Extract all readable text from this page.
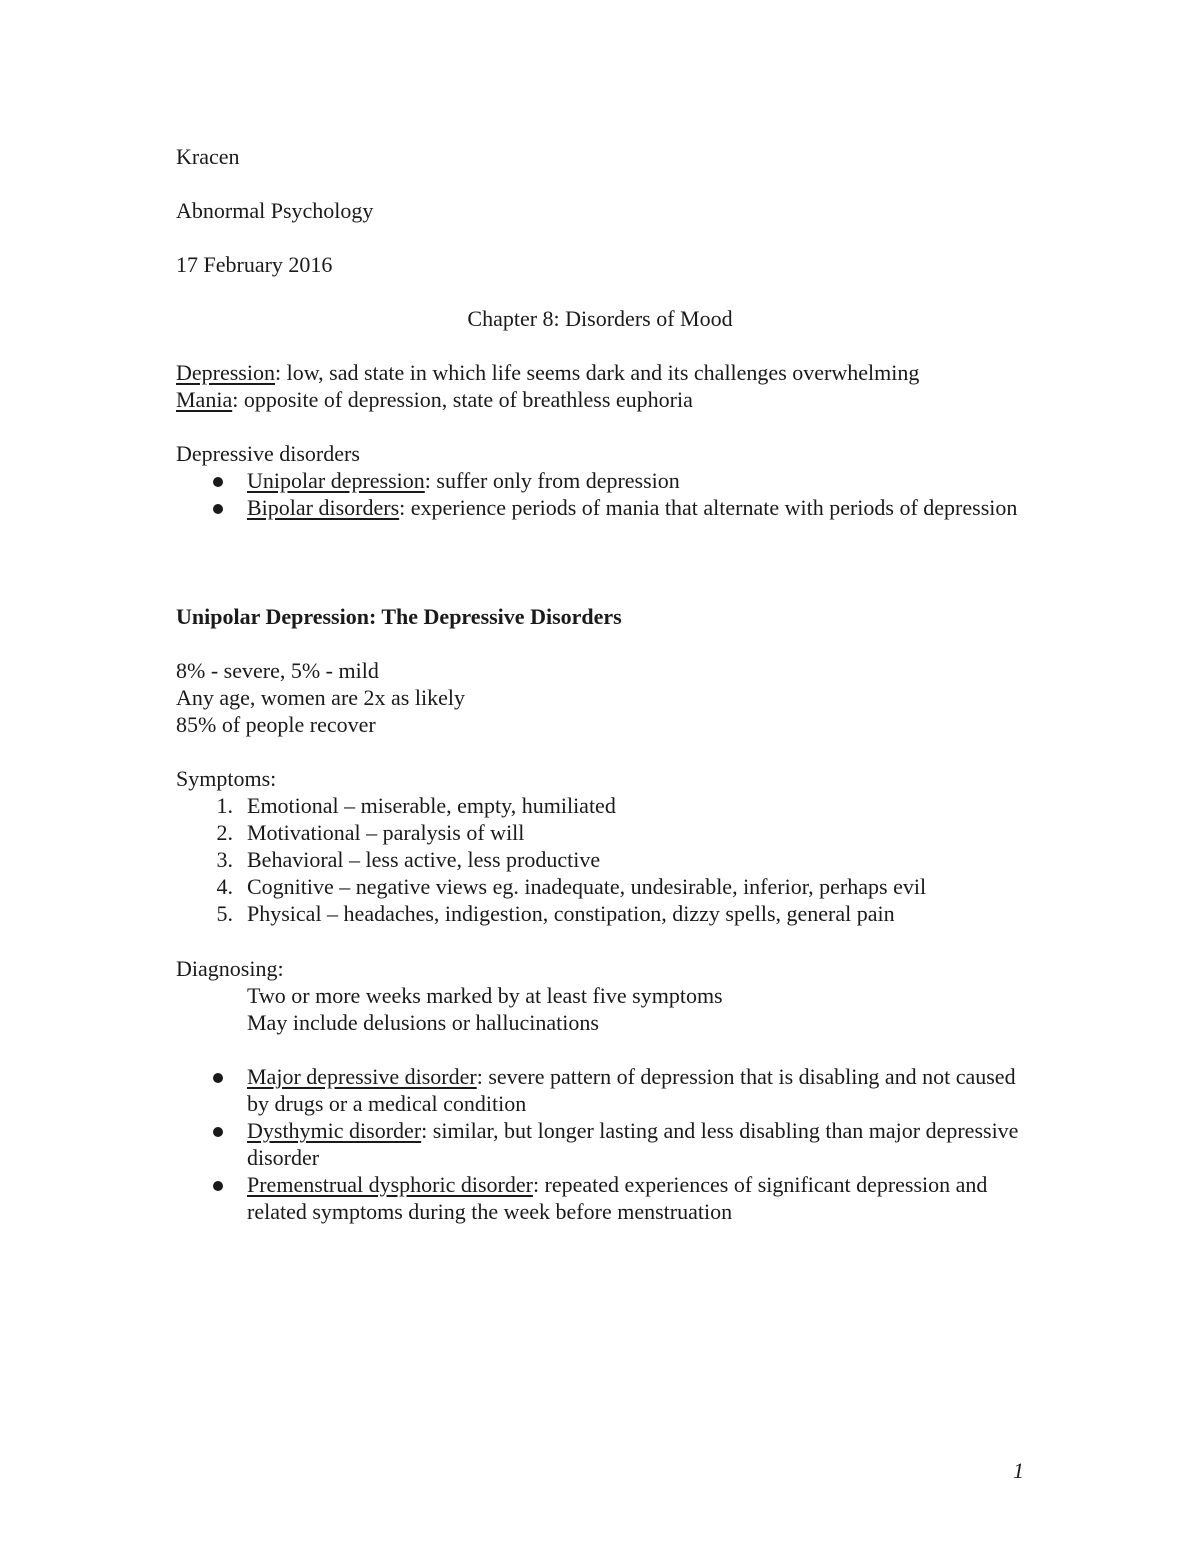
Kracen
Abnormal Psychology
17 February 2016
Chapter 8: Disorders of Mood
Depression: low, sad state in which life seems dark and its challenges overwhelming
Mania: opposite of depression, state of breathless euphoria
Depressive disorders
Unipolar depression: suffer only from depression
Bipolar disorders: experience periods of mania that alternate with periods of depression
Unipolar Depression: The Depressive Disorders
8% - severe, 5% - mild
Any age, women are 2x as likely
85% of people recover
Symptoms:
1. Emotional – miserable, empty, humiliated
2. Motivational – paralysis of will
3. Behavioral – less active, less productive
4. Cognitive – negative views eg. inadequate, undesirable, inferior, perhaps evil
5. Physical – headaches, indigestion, constipation, dizzy spells, general pain
Diagnosing:
Two or more weeks marked by at least five symptoms
May include delusions or hallucinations
Major depressive disorder: severe pattern of depression that is disabling and not caused by drugs or a medical condition
Dysthymic disorder: similar, but longer lasting and less disabling than major depressive disorder
Premenstrual dysphoric disorder: repeated experiences of significant depression and related symptoms during the week before menstruation
1
